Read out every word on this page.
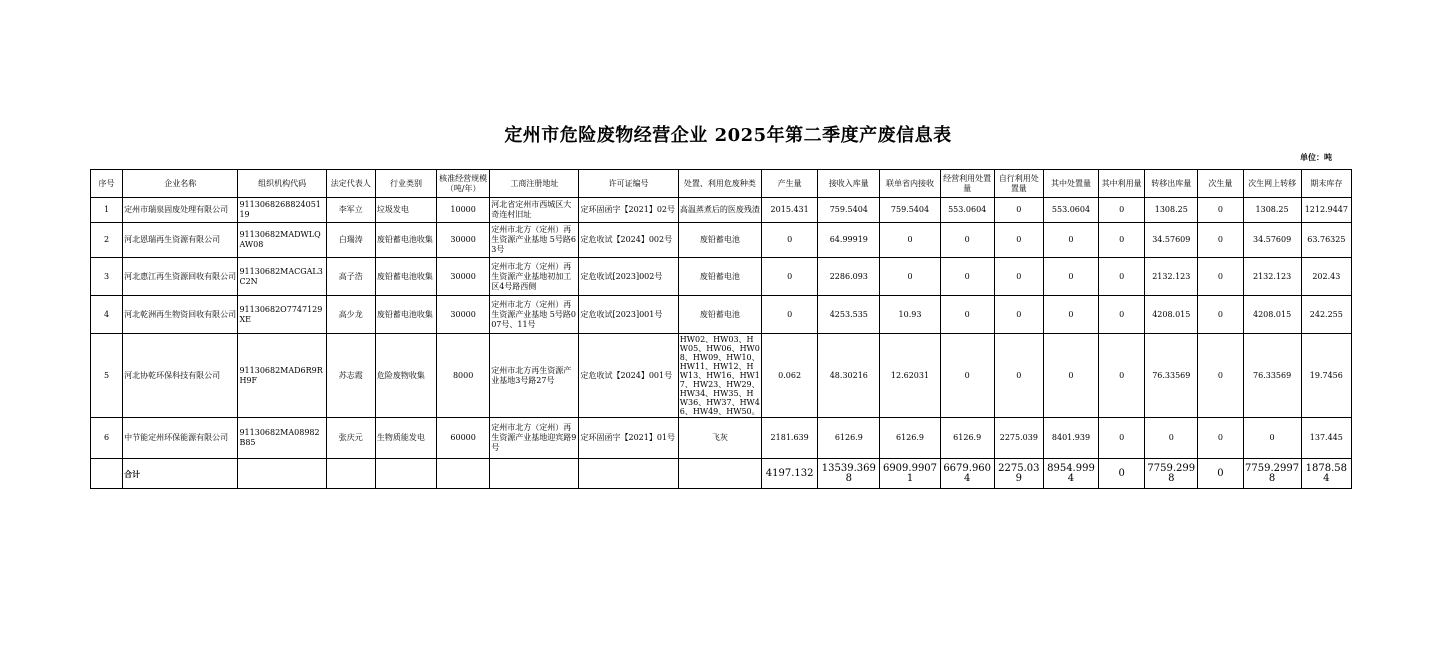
定州市危险废物经营企业 2025年第二季度产废信息表
单位：吨
序号	企业名称	组织机构代码	法定代表人	行业类别	核准经营规模（吨/年）	工商注册地址	许可证编号	处置、利用危废种类	产生量	接收入库量	联单省内接收	经营利用处置量	自行利用处置量	其中处置量	其中利用量	转移出库量	次生量	次生网上转移	期末库存
1	定州市瑞泉固废处理有限公司	911306826882405119	李军立	垃圾发电	10000	河北省定州市西城区大奇连村旧址	定环固函字【2021】02号	高温蒸煮后的医废残渣	2015.431	759.5404	759.5404	553.0604	0	553.0604	0	1308.25	0	1308.25	1212.9447
2	河北恩瑞再生资源有限公司	91130682MADWLQAW08	白瑞涛	废铅蓄电池收集	30000	定州市北方（定州）再生资源产业基地 5号路63号	定危收试【2024】002号	废铅蓄电池	0	64.99919	0	0	0	0	0	34.57609	0	34.57609	63.76325
3	河北惠江再生资源回收有限公司	91130682MACGAL3C2N	高子浩	废铅蓄电池收集	30000	定州市北方（定州）再生资源产业基地初加工区4号路西侧	定危收试[2023]002号	废铅蓄电池	0	2286.093	0	0	0	0	0	2132.123	0	2132.123	202.43
4	河北乾洲再生物资回收有限公司	91130682O7747129XE	高少龙	废铅蓄电池收集	30000	定州市北方（定州）再生资源产业基地 5号路007号、11号	定危收试[2023]001号	废铅蓄电池	0	4253.535	10.93	0	0	0	0	4208.015	0	4208.015	242.255
5	河北协乾环保科技有限公司	91130682MAD6R9RH9F	苏志霞	危险废物收集	8000	定州市北方再生资源产业基地3号路27号	定危收试【2024】001号	HW02、HW03、HW05、HW06、HW08、HW09、HW10、HW11、HW12、HW13、HW16、HW17、HW23、HW29、HW34、HW35、HW36、HW37、HW46、HW49、HW50。	0.062	48.30216	12.62031	0	0	0	0	76.33569	0	76.33569	19.7456
6	中节能定州环保能源有限公司	91130682MA08982B85	张庆元	生物质能发电	60000	定州市北方（定州）再生资源产业基地迎宾路9号	定环固函字【2021】01号	飞灰	2181.639	6126.9	6126.9	6126.9	2275.039	8401.939	0	0	0	0	137.445
	合计								4197.132	13539.3698	6909.99071	6679.9604	2275.039	8954.9994	0	7759.2998	0	7759.29978	1878.584
